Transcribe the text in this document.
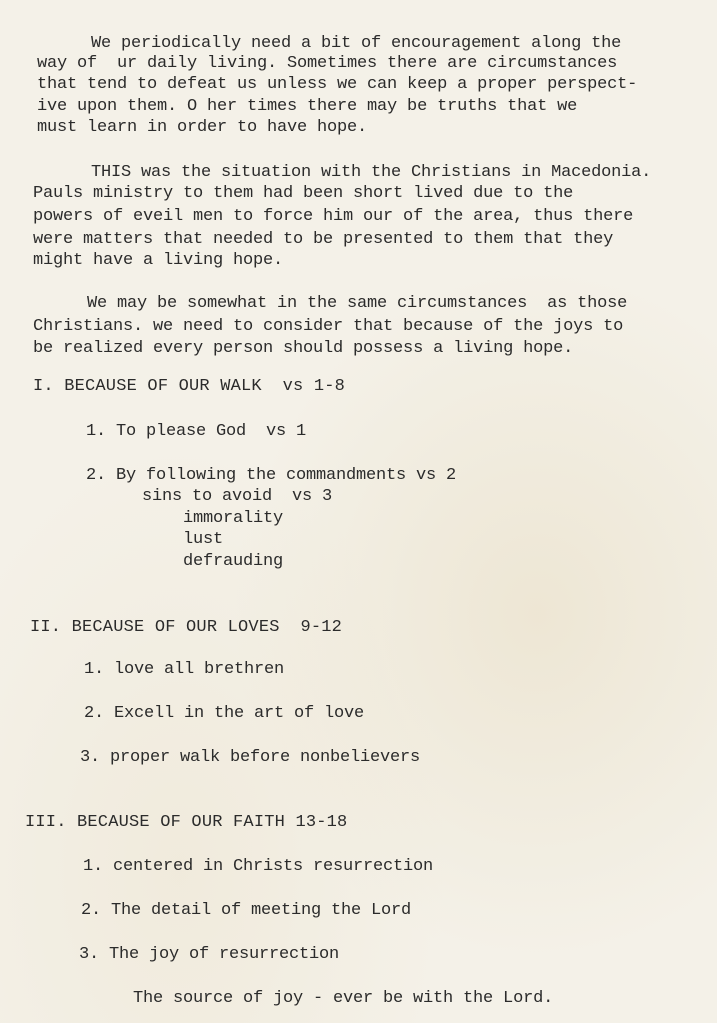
We periodically need a bit of encouragement along the
way of  ur daily living. Sometimes there are circumstances
that tend to defeat us unless we can keep a proper perspect-
ive upon them. O her times there may be truths that we
must learn in order to have hope.
THIS was the situation with the Christians in Macedonia.
Pauls ministry to them had been short lived due to the
powers of eveil men to force him our of the area, thus there
were matters that needed to be presented to them that they
might have a living hope.
We may be somewhat in the same circumstances  as those
Christians. we need to consider that because of the joys to
be realized every person should possess a living hope.
I. BECAUSE OF OUR WALK  vs 1-8
1. To please God  vs 1
2. By following the commandments vs 2
sins to avoid  vs 3
immorality
lust
defrauding
II. BECAUSE OF OUR LOVES  9-12
1. love all brethren
2. Excell in the art of love
3. proper walk before nonbelievers
III. BECAUSE OF OUR FAITH 13-18
1. centered in Christs resurrection
2. The detail of meeting the Lord
3. The joy of resurrection
The source of joy - ever be with the Lord.
